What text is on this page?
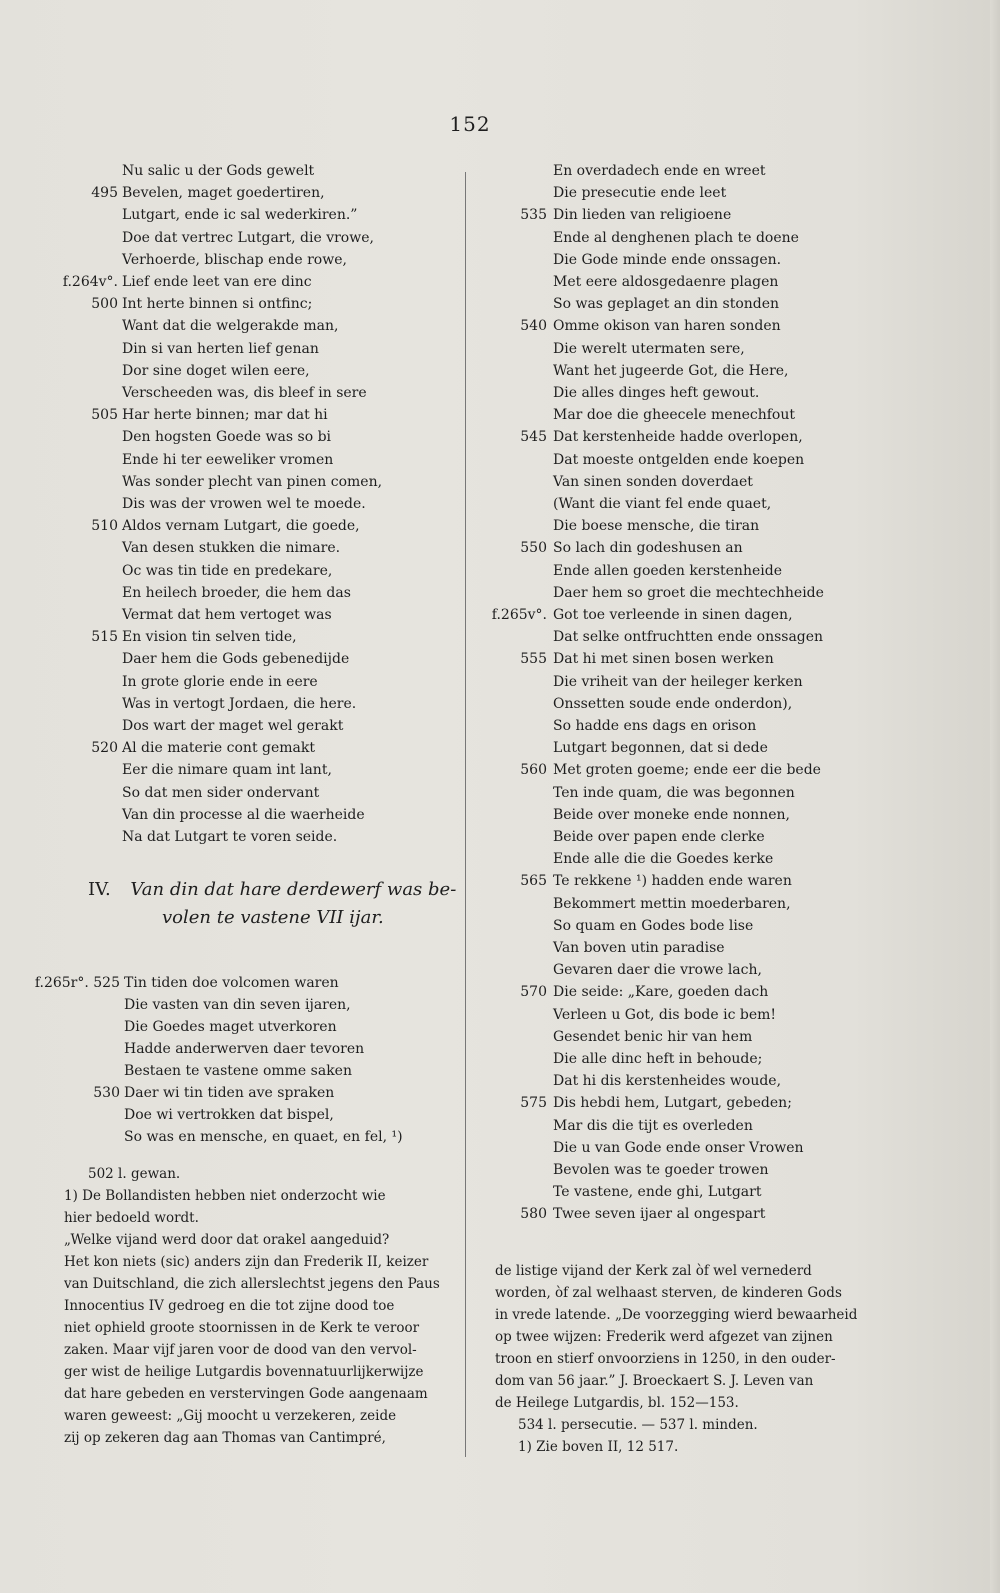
152
Nu salic u der Gods gewelt
495 Bevelen, maget goedertiren,
Lutgart, ende ic sal wederkiren.”
Doe dat vertrec Lutgart, die vrowe,
Verhoerde, blischap ende rowe,
f.264v°. Lief ende leet van ere dinc
500 Int herte binnen si ontfinc;
Want dat die welgerakde man,
Din si van herten lief genan
Dor sine doget wilen eere,
Verscheeden was, dis bleef in sere
505 Har herte binnen; mar dat hi
Den hogsten Goede was so bi
Ende hi ter eeweliker vromen
Was sonder plecht van pinen comen,
Dis was der vrowen wel te moede.
510 Aldos vernam Lutgart, die goede,
Van desen stukken die nimare.
Oc was tin tide en predekare,
En heilech broeder, die hem das
Vermat dat hem vertoget was
515 En vision tin selven tide,
Daer hem die Gods gebenedijde
In grote glorie ende in eere
Was in vertogt Jordaen, die here.
Dos wart der maget wel gerakt
520 Al die materie cont gemakt
Eer die nimare quam int lant,
So dat men sider ondervant
Van din processe al die waerheide
Na dat Lutgart te voren seide.
IV. Van din dat hare derdewerf was be-
volen te vastene VII ijar.
f.265r°. 525 Tin tiden doe volcomen waren
Die vasten van din seven ijaren,
Die Goedes maget utverkoren
Hadde anderwerven daer tevoren
Bestaen te vastene omme saken
530 Daer wi tin tiden ave spraken
Doe wi vertrokken dat bispel,
So was en mensche, en quaet, en fel, ¹)
502 l. gewan.
1) De Bollandisten hebben niet onderzocht wie
hier bedoeld wordt.
„Welke vijand werd door dat orakel aangeduid?
Het kon niets (sic) anders zijn dan Frederik II, keizer
van Duitschland, die zich allerslechtst jegens den Paus
Innocentius IV gedroeg en die tot zijne dood toe
niet ophield groote stoornissen in de Kerk te veroor
zaken. Maar vijf jaren voor de dood van den vervol-
ger wist de heilige Lutgardis bovennatuurlijkerwijze
dat hare gebeden en verstervingen Gode aangenaam
waren geweest: „Gij moocht u verzekeren, zeide
zij op zekeren dag aan Thomas van Cantimpré,
En overdadech ende en wreet
Die presecutie ende leet
535 Din lieden van religioene
Ende al denghenen plach te doene
Die Gode minde ende onssagen.
Met eere aldosgedaenre plagen
So was geplaget an din stonden
540 Omme okison van haren sonden
Die werelt utermaten sere,
Want het jugeerde Got, die Here,
Die alles dinges heft gewout.
Mar doe die gheecele menechfout
545 Dat kerstenheide hadde overlopen,
Dat moeste ontgelden ende koepen
Van sinen sonden doverdaet
(Want die viant fel ende quaet,
Die boese mensche, die tiran
550 So lach din godeshusen an
Ende allen goeden kerstenheide
Daer hem so groet die mechtechheide
f.265v°. Got toe verleende in sinen dagen,
Dat selke ontfruchtten ende onssagen
555 Dat hi met sinen bosen werken
Die vriheit van der heileger kerken
Onssetten soude ende onderdon),
So hadde ens dags en orison
Lutgart begonnen, dat si dede
560 Met groten goeme; ende eer die bede
Ten inde quam, die was begonnen
Beide over moneke ende nonnen,
Beide over papen ende clerke
Ende alle die die Goedes kerke
565 Te rekkene ¹) hadden ende waren
Bekommert mettin moederbaren,
So quam en Godes bode lise
Van boven utin paradise
Gevaren daer die vrowe lach,
570 Die seide: „Kare, goeden dach
Verleen u Got, dis bode ic bem!
Gesendet benic hir van hem
Die alle dinc heft in behoude;
Dat hi dis kerstenheides woude,
575 Dis hebdi hem, Lutgart, gebeden;
Mar dis die tijt es overleden
Die u van Gode ende onser Vrowen
Bevolen was te goeder trowen
Te vastene, ende ghi, Lutgart
580 Twee seven ijaer al ongespart
de listige vijand der Kerk zal òf wel vernederd
worden, òf zal welhaast sterven, de kinderen Gods
in vrede latende. „De voorzegging wierd bewaarheid
op twee wijzen: Frederik werd afgezet van zijnen
troon en stierf onvoorziens in 1250, in den ouder-
dom van 56 jaar.” J. Broeckaert S. J. Leven van
de Heilege Lutgardis, bl. 152—153.
534 l. persecutie. — 537 l. minden.
1) Zie boven II, 12 517.
